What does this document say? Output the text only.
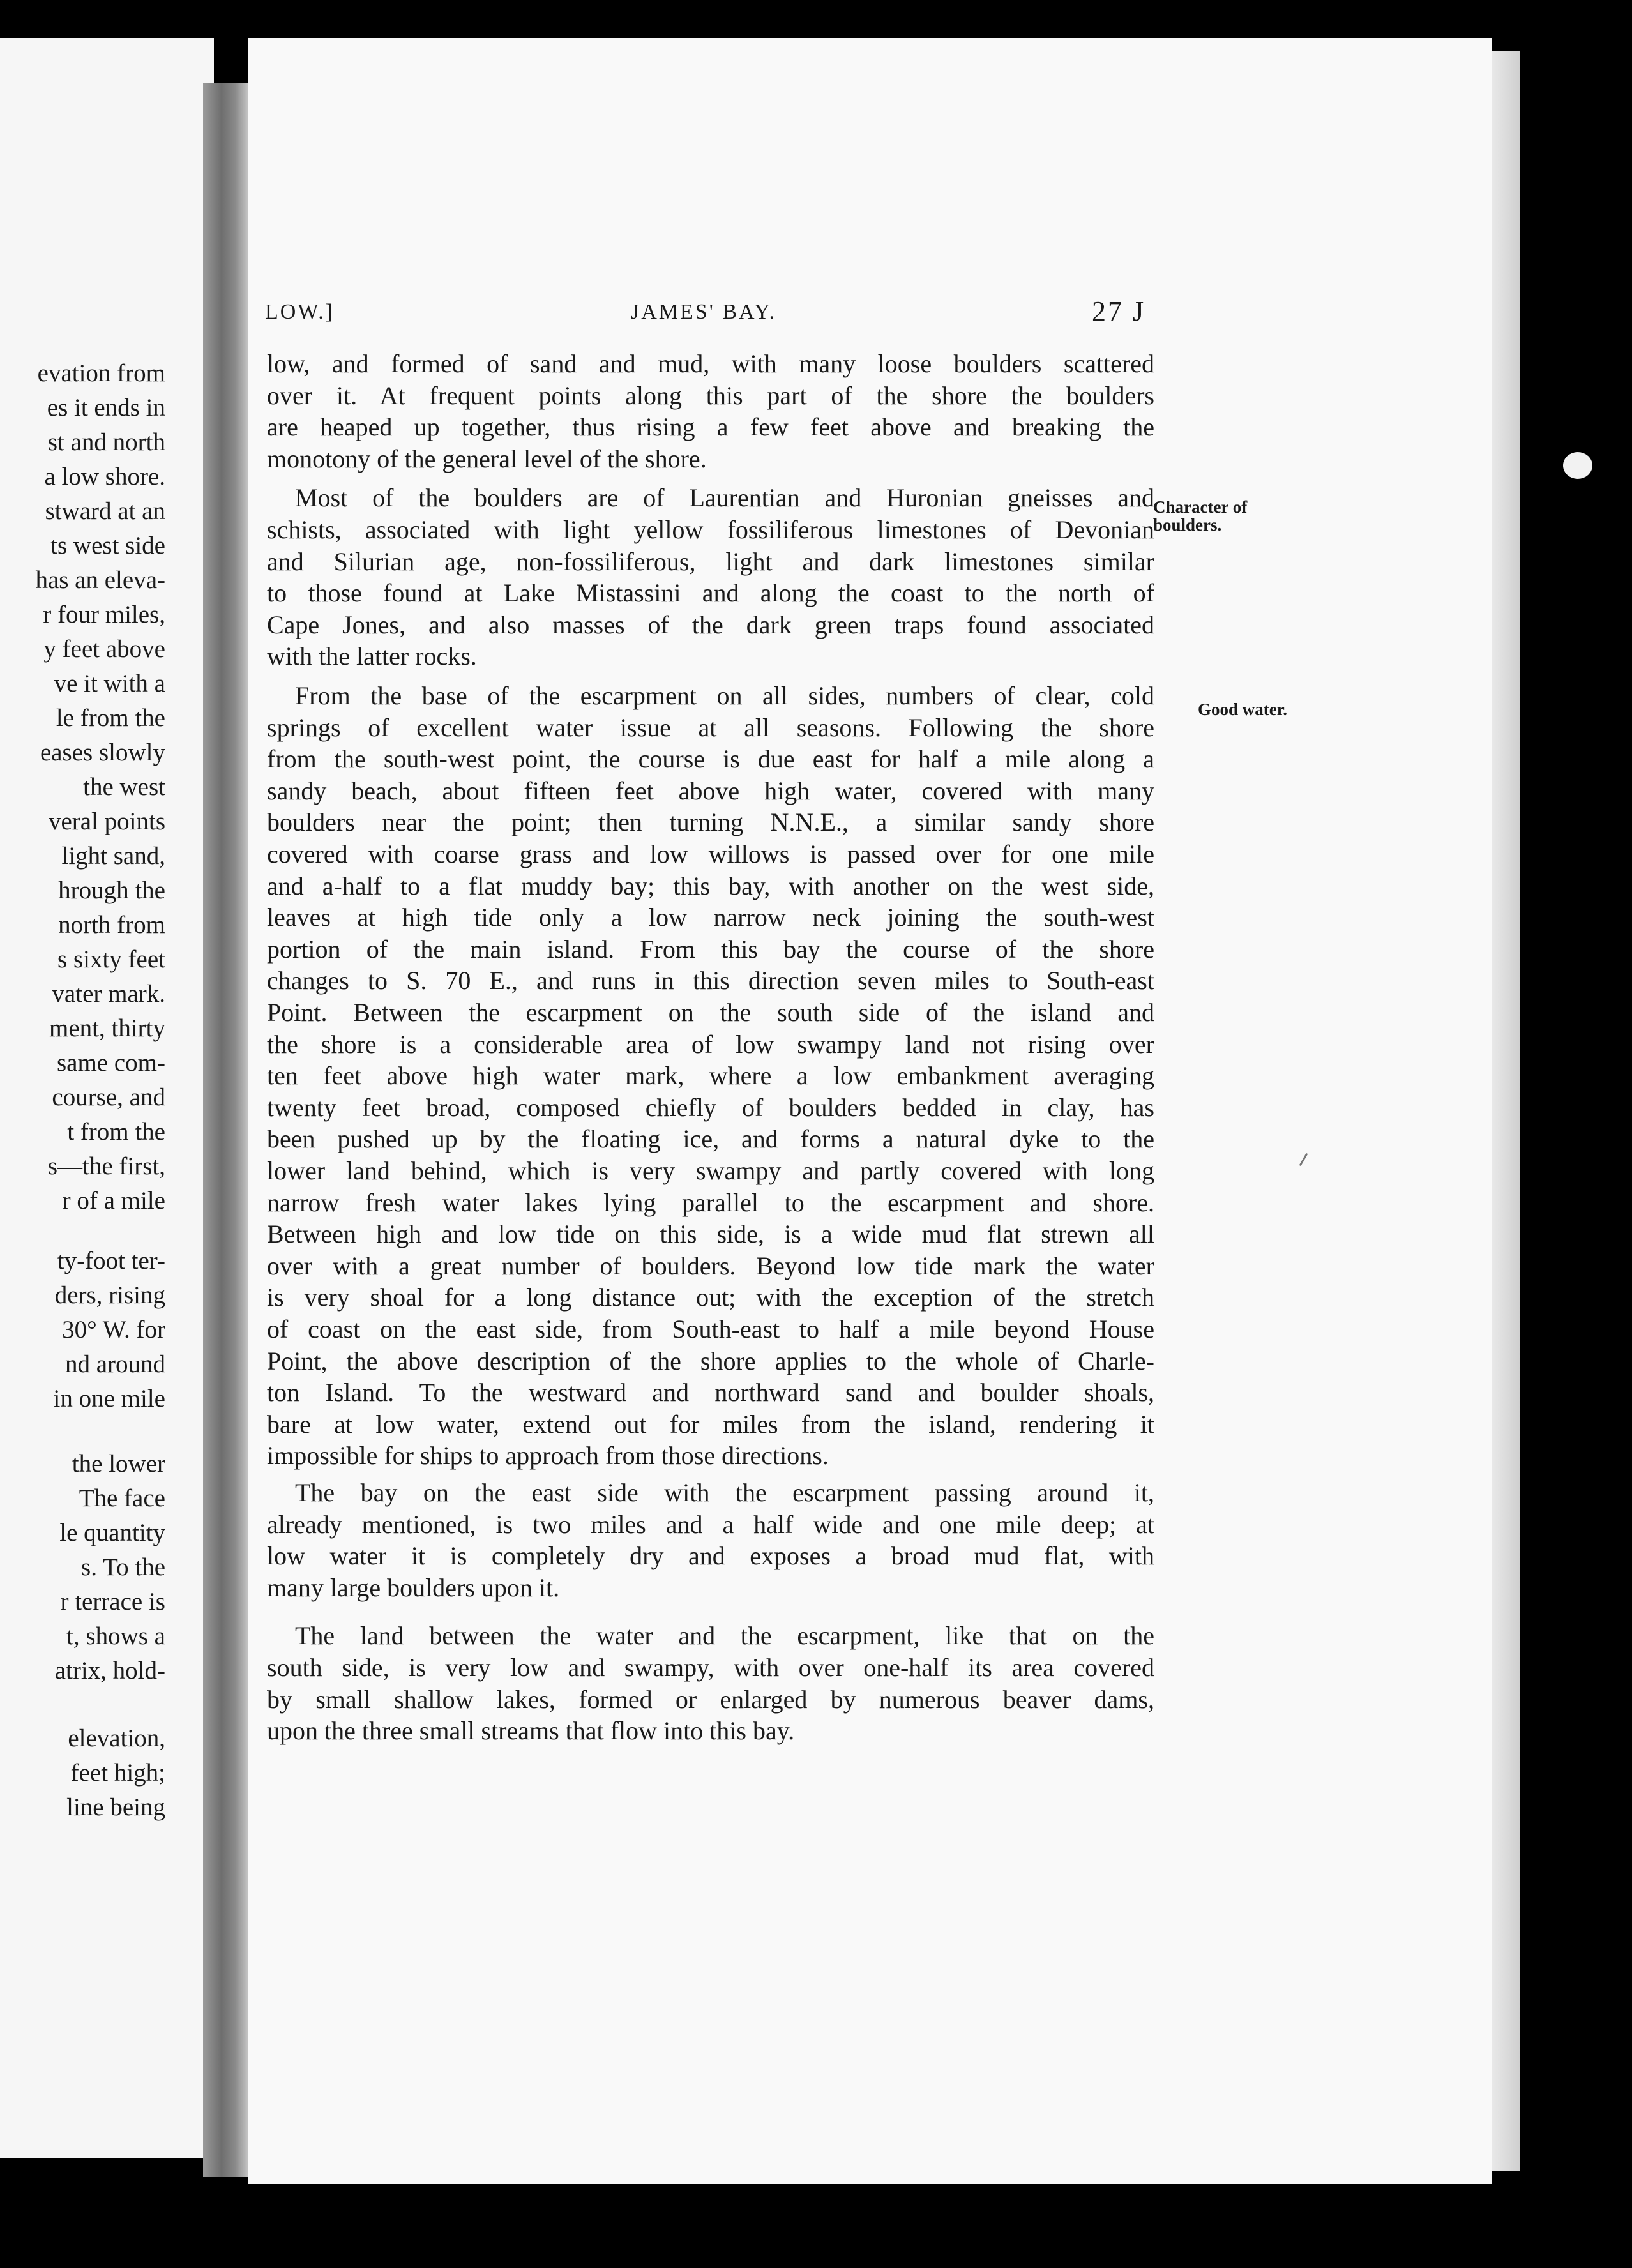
evation from
es it ends in
st and north
a low shore.
stward at an
ts west side
has an eleva-
r four miles,
y feet above
ve it with a
le from the
eases slowly
the west
veral points
light sand,
hrough the
north from
s sixty feet
vater mark.
ment, thirty
same com-
course, and
t from the
s—the first,
r of a mile
ty-foot ter-
ders, rising
30° W. for
nd around
in one mile
the lower
The face
le quantity
s. To the
r terrace is
t, shows a
atrix, hold-
elevation,
feet high;
line being
LOW.]	JAMES' BAY.	27 J
Character of
boulders.
Good water.
low, and formed of sand and mud, with many loose boulders scattered
over it. At frequent points along this part of the shore the boulders
are heaped up together, thus rising a few feet above and breaking the
monotony of the general level of the shore.
Most of the boulders are of Laurentian and Huronian gneisses and
schists, associated with light yellow fossiliferous limestones of Devonian
and Silurian age, non-fossiliferous, light and dark limestones similar
to those found at Lake Mistassini and along the coast to the north of
Cape Jones, and also masses of the dark green traps found associated
with the latter rocks.
From the base of the escarpment on all sides, numbers of clear, cold
springs of excellent water issue at all seasons. Following the shore
from the south-west point, the course is due east for half a mile along a
sandy beach, about fifteen feet above high water, covered with many
boulders near the point; then turning N.N.E., a similar sandy shore
covered with coarse grass and low willows is passed over for one mile
and a-half to a flat muddy bay; this bay, with another on the west side,
leaves at high tide only a low narrow neck joining the south-west
portion of the main island. From this bay the course of the shore
changes to S. 70 E., and runs in this direction seven miles to South-east
Point. Between the escarpment on the south side of the island and
the shore is a considerable area of low swampy land not rising over
ten feet above high water mark, where a low embankment averaging
twenty feet broad, composed chiefly of boulders bedded in clay, has
been pushed up by the floating ice, and forms a natural dyke to the
lower land behind, which is very swampy and partly covered with long
narrow fresh water lakes lying parallel to the escarpment and shore.
Between high and low tide on this side, is a wide mud flat strewn all
over with a great number of boulders. Beyond low tide mark the water
is very shoal for a long distance out; with the exception of the stretch
of coast on the east side, from South-east to half a mile beyond House
Point, the above description of the shore applies to the whole of Charle-
ton Island. To the westward and northward sand and boulder shoals,
bare at low water, extend out for miles from the island, rendering it
impossible for ships to approach from those directions.
The bay on the east side with the escarpment passing around it,
already mentioned, is two miles and a half wide and one mile deep; at
low water it is completely dry and exposes a broad mud flat, with
many large boulders upon it.
The land between the water and the escarpment, like that on the
south side, is very low and swampy, with over one-half its area covered
by small shallow lakes, formed or enlarged by numerous beaver dams,
upon the three small streams that flow into this bay.
